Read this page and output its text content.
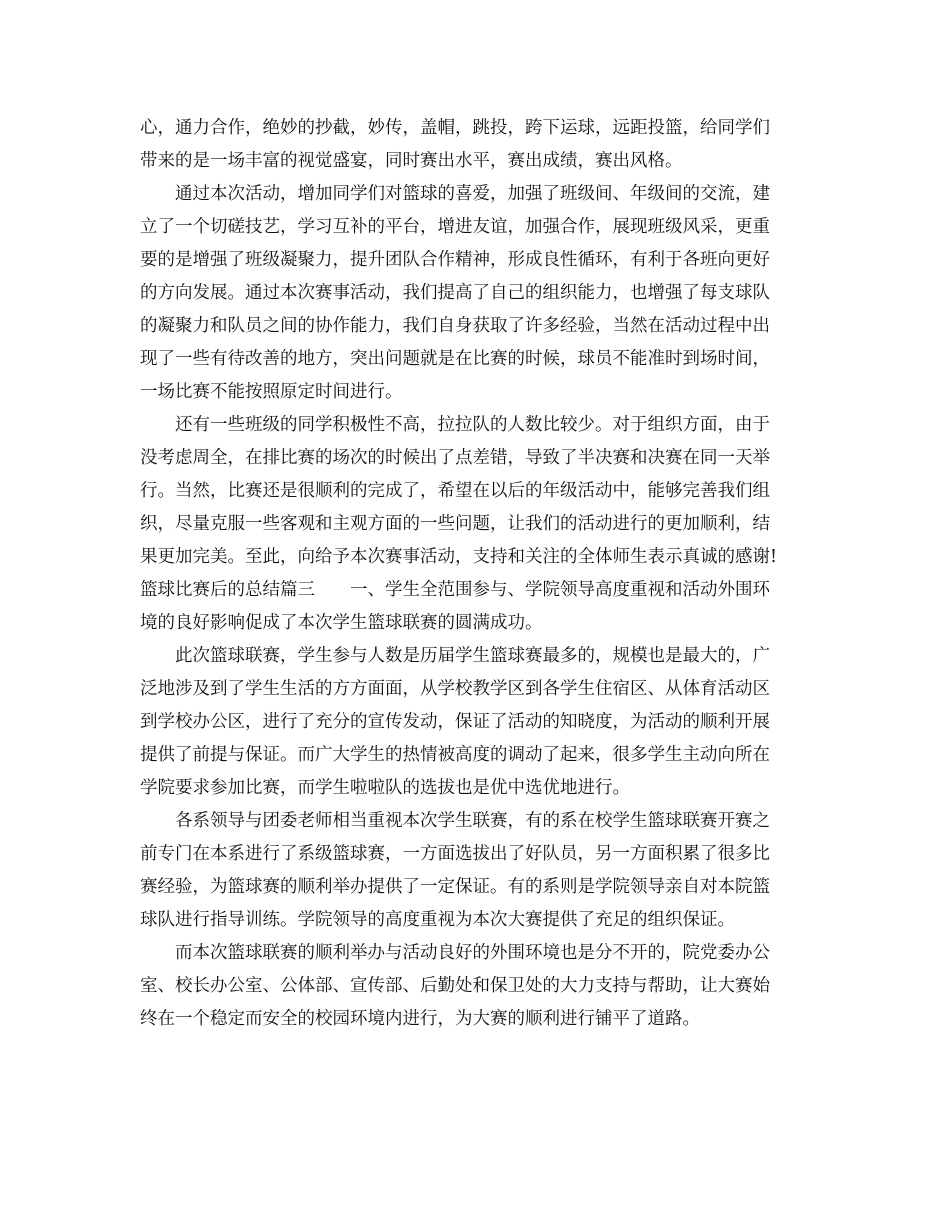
心，通力合作，绝妙的抄截，妙传，盖帽，跳投，跨下运球，远距投篮，给同学们
带来的是一场丰富的视觉盛宴，同时赛出水平，赛出成绩，赛出风格。
　　通过本次活动，增加同学们对篮球的喜爱，加强了班级间、年级间的交流，建
立了一个切磋技艺，学习互补的平台，增进友谊，加强合作，展现班级风采，更重
要的是增强了班级凝聚力，提升团队合作精神，形成良性循环，有利于各班向更好
的方向发展。通过本次赛事活动，我们提高了自己的组织能力，也增强了每支球队
的凝聚力和队员之间的协作能力，我们自身获取了许多经验，当然在活动过程中出
现了一些有待改善的地方，突出问题就是在比赛的时候，球员不能准时到场时间，
一场比赛不能按照原定时间进行。
　　还有一些班级的同学积极性不高，拉拉队的人数比较少。对于组织方面，由于
没考虑周全，在排比赛的场次的时候出了点差错，导致了半决赛和决赛在同一天举
行。当然，比赛还是很顺利的完成了，希望在以后的年级活动中，能够完善我们组
织，尽量克服一些客观和主观方面的一些问题，让我们的活动进行的更加顺利，结
果更加完美。至此，向给予本次赛事活动，支持和关注的全体师生表示真诚的感谢!
篮球比赛后的总结篇三　　一、学生全范围参与、学院领导高度重视和活动外围环
境的良好影响促成了本次学生篮球联赛的圆满成功。
　　此次篮球联赛，学生参与人数是历届学生篮球赛最多的，规模也是最大的，广
泛地涉及到了学生生活的方方面面，从学校教学区到各学生住宿区、从体育活动区
到学校办公区，进行了充分的宣传发动，保证了活动的知晓度，为活动的顺利开展
提供了前提与保证。而广大学生的热情被高度的调动了起来，很多学生主动向所在
学院要求参加比赛，而学生啦啦队的选拔也是优中选优地进行。
　　各系领导与团委老师相当重视本次学生联赛，有的系在校学生篮球联赛开赛之
前专门在本系进行了系级篮球赛，一方面选拔出了好队员，另一方面积累了很多比
赛经验，为篮球赛的顺利举办提供了一定保证。有的系则是学院领导亲自对本院篮
球队进行指导训练。学院领导的高度重视为本次大赛提供了充足的组织保证。
　　而本次篮球联赛的顺利举办与活动良好的外围环境也是分不开的，院党委办公
室、校长办公室、公体部、宣传部、后勤处和保卫处的大力支持与帮助，让大赛始
终在一个稳定而安全的校园环境内进行，为大赛的顺利进行铺平了道路。
